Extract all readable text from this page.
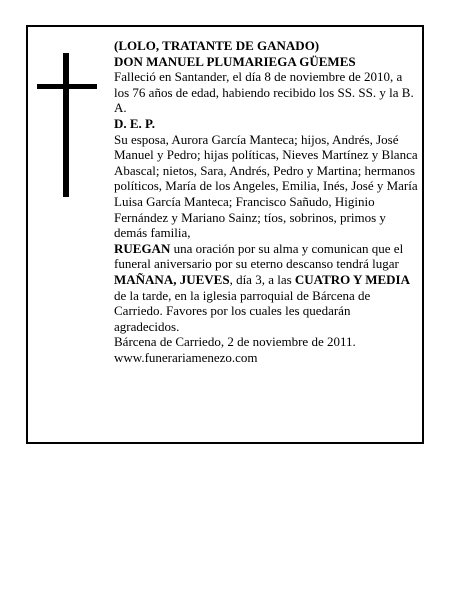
(LOLO, TRATANTE DE GANADO)

DON MANUEL PLUMARIEGA GÜEMES

Falleció en Santander, el día 8 de noviembre de 2010, a los 76 años de edad, habiendo recibido los SS. SS. y la B. A.

D. E. P.

Su esposa, Aurora García Manteca; hijos, Andrés, José Manuel y Pedro; hijas políticas, Nieves Martínez y Blanca Abascal; nietos, Sara, Andrés, Pedro y Martina; hermanos políticos, María de los Angeles, Emilia, Inés, José y María Luisa García Manteca; Francisco Sañudo, Higinio Fernández y Mariano Sainz; tíos, sobrinos, primos y demás familia,

RUEGAN una oración por su alma y comunican que el funeral aniversario por su eterno descanso tendrá lugar MAÑANA, JUEVES, día 3, a las CUATRO Y MEDIA de la tarde, en la iglesia parroquial de Bárcena de Carriedo. Favores por los cuales les quedarán agradecidos.

Bárcena de Carriedo, 2 de noviembre de 2011.

www.funerariamenezo.com
